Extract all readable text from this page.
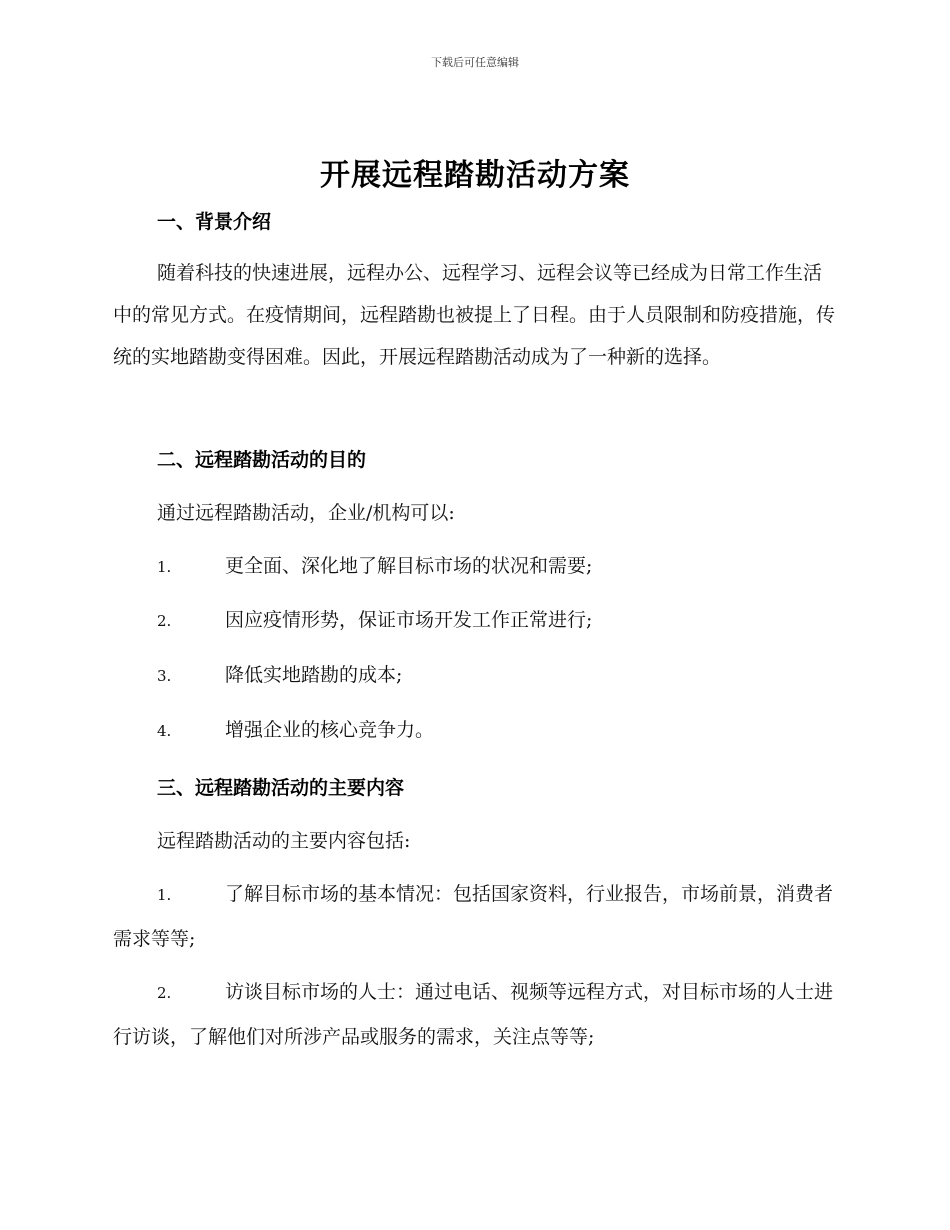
下载后可任意编辑
开展远程踏勘活动方案
一、背景介绍
随着科技的快速进展，远程办公、远程学习、远程会议等已经成为日常工作生活中的常见方式。在疫情期间，远程踏勘也被提上了日程。由于人员限制和防疫措施，传统的实地踏勘变得困难。因此，开展远程踏勘活动成为了一种新的选择。
二、远程踏勘活动的目的
通过远程踏勘活动，企业/机构可以:
1.	更全面、深化地了解目标市场的状况和需要;
2.	因应疫情形势，保证市场开发工作正常进行;
3.	降低实地踏勘的成本;
4.	增强企业的核心竞争力。
三、远程踏勘活动的主要内容
远程踏勘活动的主要内容包括:
1.	了解目标市场的基本情况：包括国家资料，行业报告，市场前景，消费者需求等等;
2.	访谈目标市场的人士：通过电话、视频等远程方式，对目标市场的人士进行访谈，了解他们对所涉产品或服务的需求，关注点等等;
